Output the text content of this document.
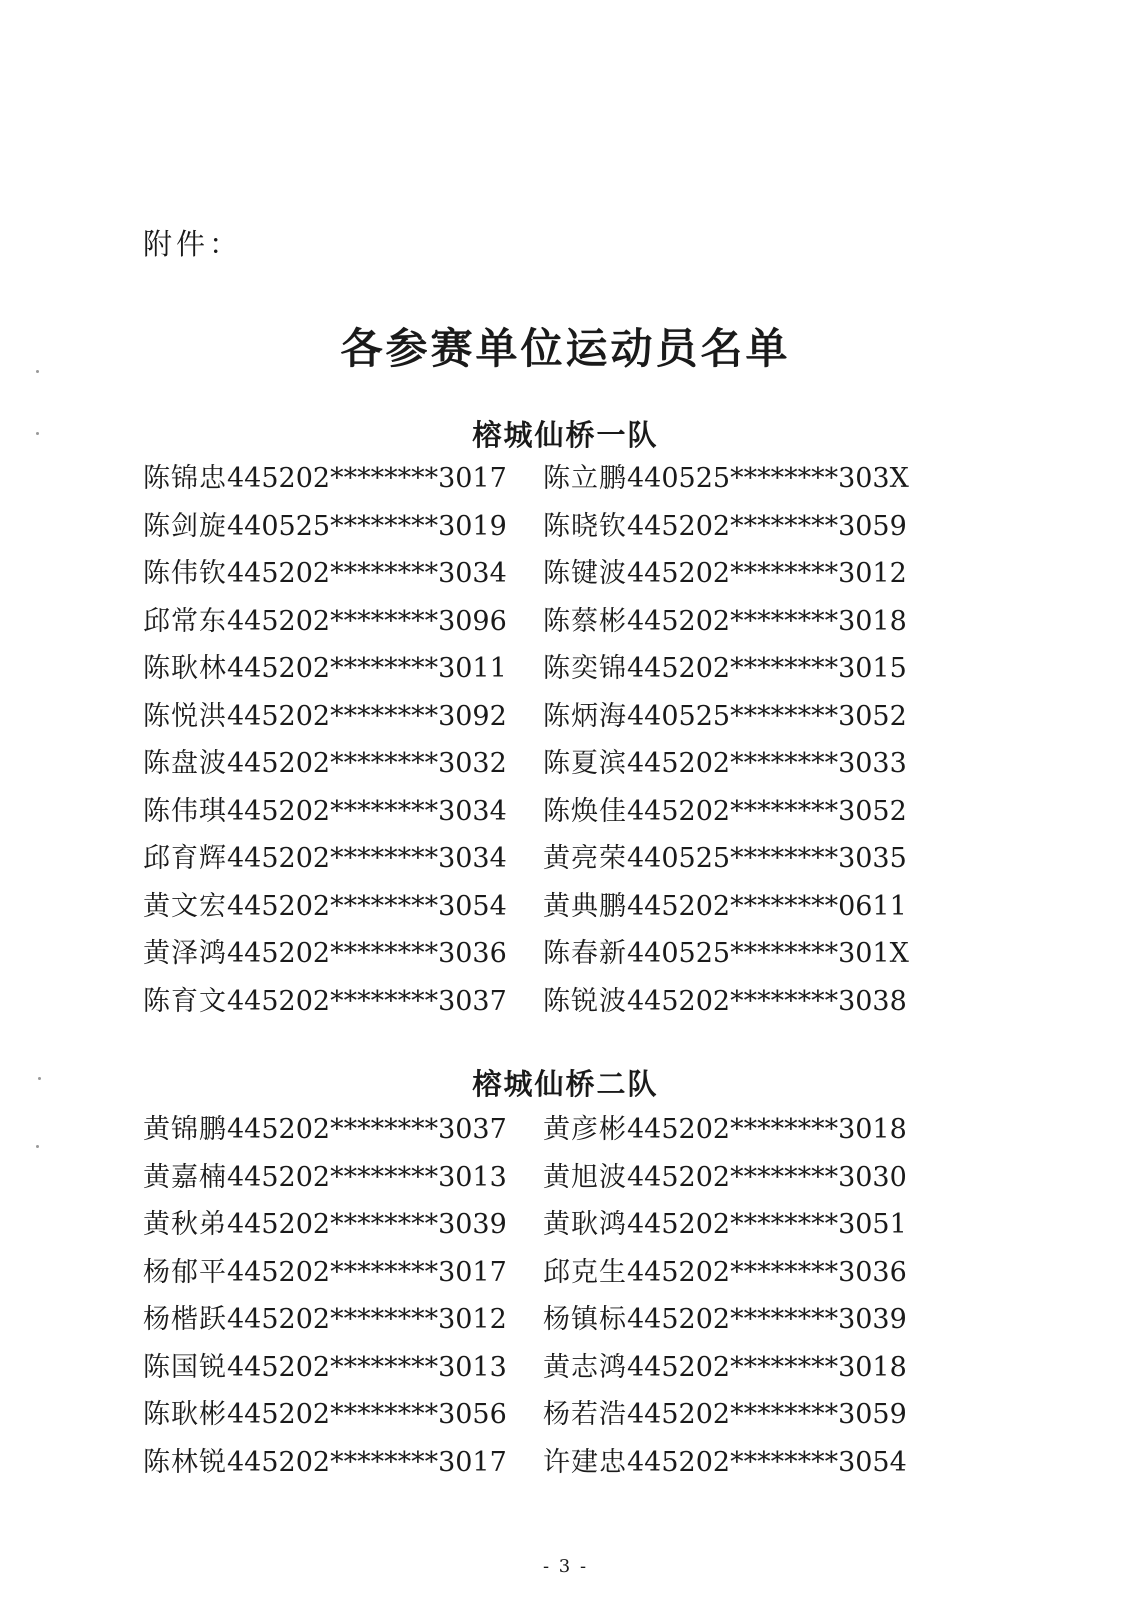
附件：
各参赛单位运动员名单
榕城仙桥一队
陈锦忠445202********3017	陈立鹏440525********303X
陈剑旋440525********3019	陈晓钦445202********3059
陈伟钦445202********3034	陈键波445202********3012
邱常东445202********3096	陈蔡彬445202********3018
陈耿林445202********3011	陈奕锦445202********3015
陈悦洪445202********3092	陈炳海440525********3052
陈盘波445202********3032	陈夏滨445202********3033
陈伟琪445202********3034	陈焕佳445202********3052
邱育辉445202********3034	黄亮荣440525********3035
黄文宏445202********3054	黄典鹏445202********0611
黄泽鸿445202********3036	陈春新440525********301X
陈育文445202********3037	陈锐波445202********3038
榕城仙桥二队
黄锦鹏445202********3037	黄彦彬445202********3018
黄嘉楠445202********3013	黄旭波445202********3030
黄秋弟445202********3039	黄耿鸿445202********3051
杨郁平445202********3017	邱克生445202********3036
杨楷跃445202********3012	杨镇标445202********3039
陈国锐445202********3013	黄志鸿445202********3018
陈耿彬445202********3056	杨若浩445202********3059
陈林锐445202********3017	许建忠445202********3054
- 3 -
